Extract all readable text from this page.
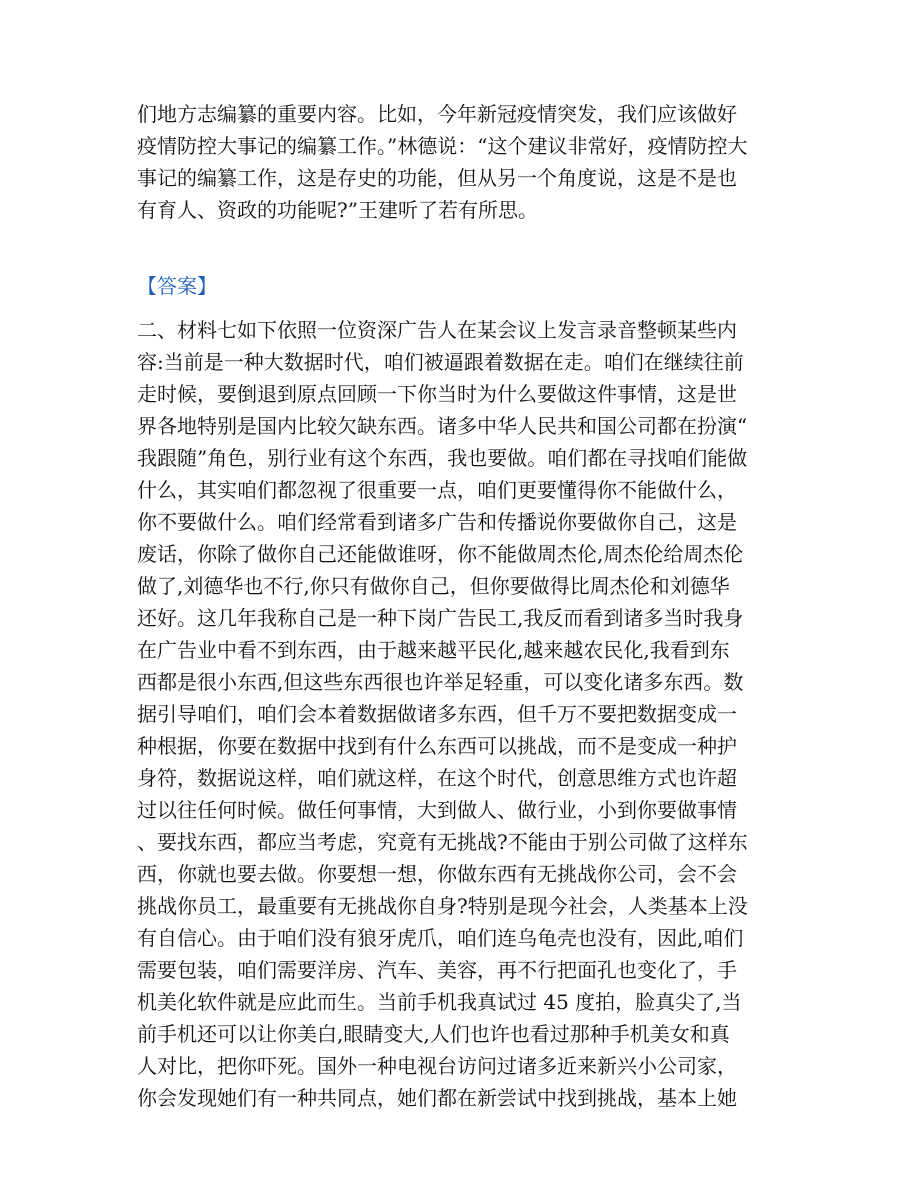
们地方志编纂的重要内容。比如，今年新冠疫情突发，我们应该做好
疫情防控大事记的编纂工作。”林德说：“这个建议非常好，疫情防控大
事记的编纂工作，这是存史的功能，但从另一个角度说，这是不是也
有育人、资政的功能呢?”王建听了若有所思。
【答案】
二、材料七如下依照一位资深广告人在某会议上发言录音整顿某些内
容:当前是一种大数据时代，咱们被逼跟着数据在走。咱们在继续往前
走时候，要倒退到原点回顾一下你当时为什么要做这件事情，这是世
界各地特别是国内比较欠缺东西。诸多中华人民共和国公司都在扮演“
我跟随”角色，别行业有这个东西，我也要做。咱们都在寻找咱们能做
什么，其实咱们都忽视了很重要一点，咱们更要懂得你不能做什么，
你不要做什么。咱们经常看到诸多广告和传播说你要做你自己，这是
废话，你除了做你自己还能做谁呀，你不能做周杰伦,周杰伦给周杰伦
做了,刘德华也不行,你只有做你自己，但你要做得比周杰伦和刘德华
还好。这几年我称自己是一种下岗广告民工,我反而看到诸多当时我身
在广告业中看不到东西，由于越来越平民化,越来越农民化,我看到东
西都是很小东西,但这些东西很也许举足轻重，可以变化诸多东西。数
据引导咱们，咱们会本着数据做诸多东西，但千万不要把数据变成一
种根据，你要在数据中找到有什么东西可以挑战，而不是变成一种护
身符，数据说这样，咱们就这样，在这个时代，创意思维方式也许超
过以往任何时候。做任何事情，大到做人、做行业，小到你要做事情
、要找东西，都应当考虑，究竟有无挑战?不能由于别公司做了这样东
西，你就也要去做。你要想一想，你做东西有无挑战你公司，会不会
挑战你员工，最重要有无挑战你自身?特别是现今社会，人类基本上没
有自信心。由于咱们没有狼牙虎爪，咱们连乌龟壳也没有，因此,咱们
需要包装，咱们需要洋房、汽车、美容，再不行把面孔也变化了，手
机美化软件就是应此而生。当前手机我真试过 45 度拍，脸真尖了,当
前手机还可以让你美白,眼睛变大,人们也许也看过那种手机美女和真
人对比，把你吓死。国外一种电视台访问过诸多近来新兴小公司家，
你会发现她们有一种共同点，她们都在新尝试中找到挑战，基本上她
